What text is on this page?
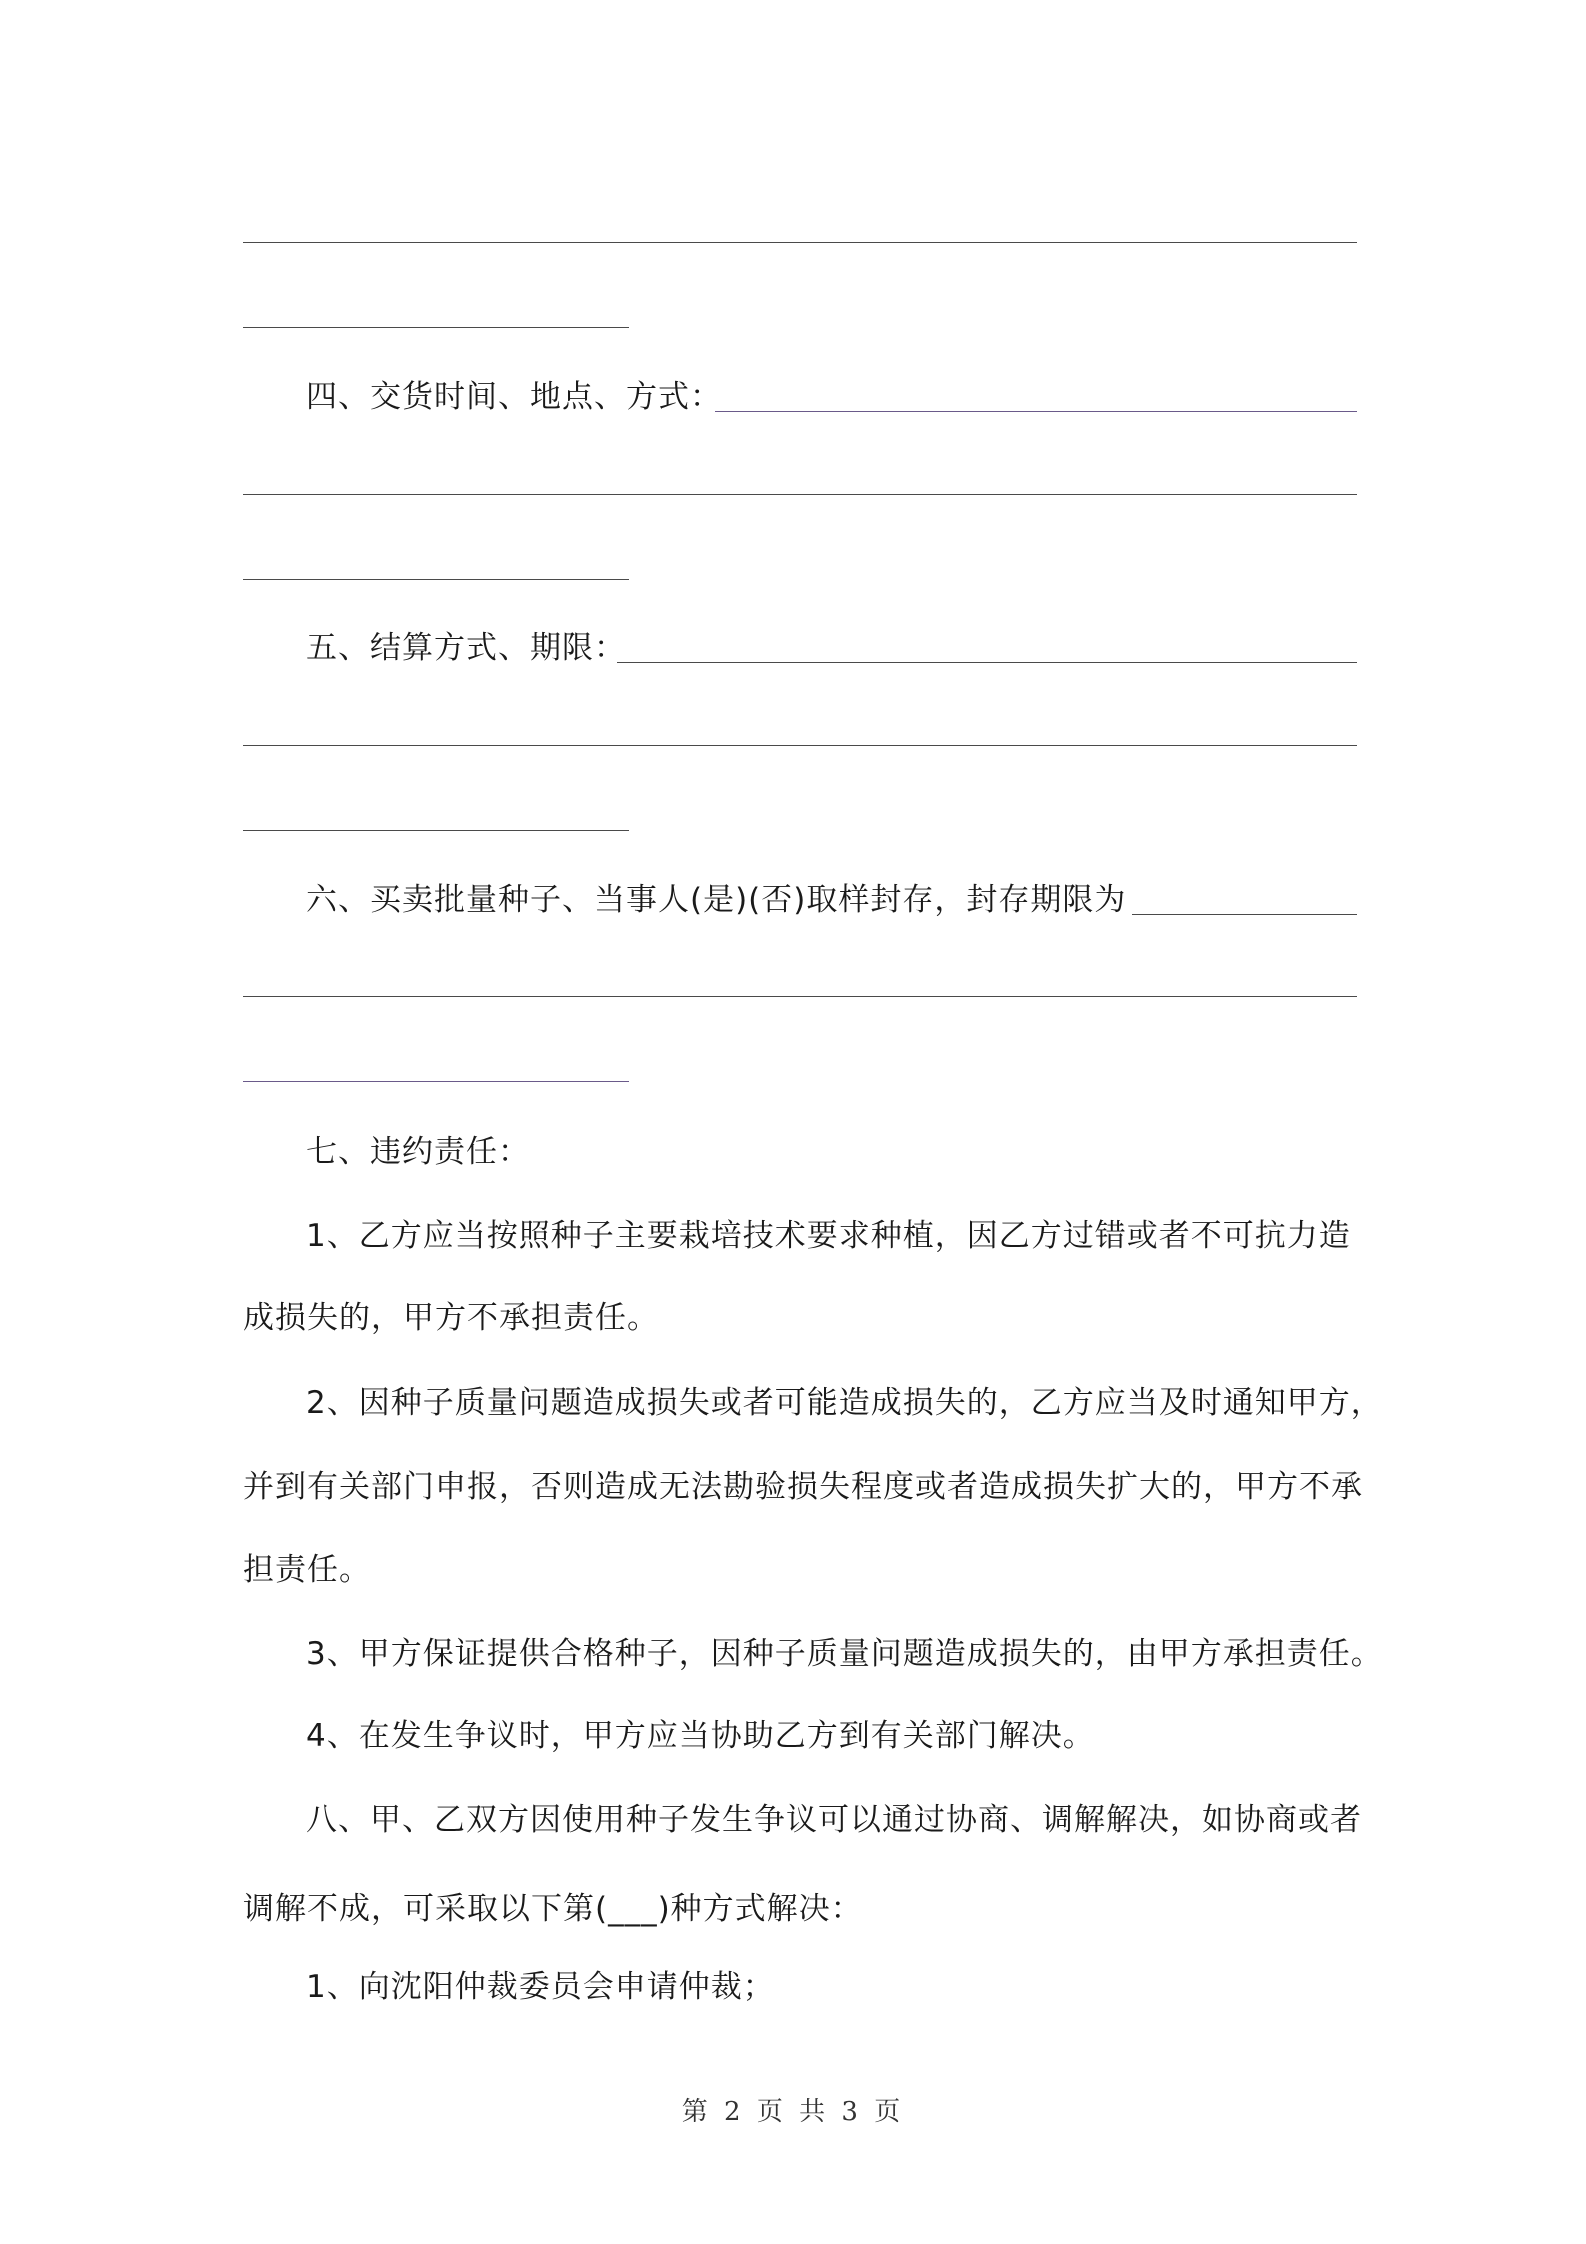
四、交货时间、地点、方式：
五、结算方式、期限：
六、买卖批量种子、当事人(是)(否)取样封存，封存期限为
七、违约责任：
1、乙方应当按照种子主要栽培技术要求种植，因乙方过错或者不可抗力造
成损失的，甲方不承担责任。
2、因种子质量问题造成损失或者可能造成损失的，乙方应当及时通知甲方，
并到有关部门申报，否则造成无法勘验损失程度或者造成损失扩大的，甲方不承
担责任。
3、甲方保证提供合格种子，因种子质量问题造成损失的，由甲方承担责任。
4、在发生争议时，甲方应当协助乙方到有关部门解决。
八、甲、乙双方因使用种子发生争议可以通过协商、调解解决，如协商或者
调解不成，可采取以下第(___)种方式解决：
1、向沈阳仲裁委员会申请仲裁；
第 2 页 共 3 页
